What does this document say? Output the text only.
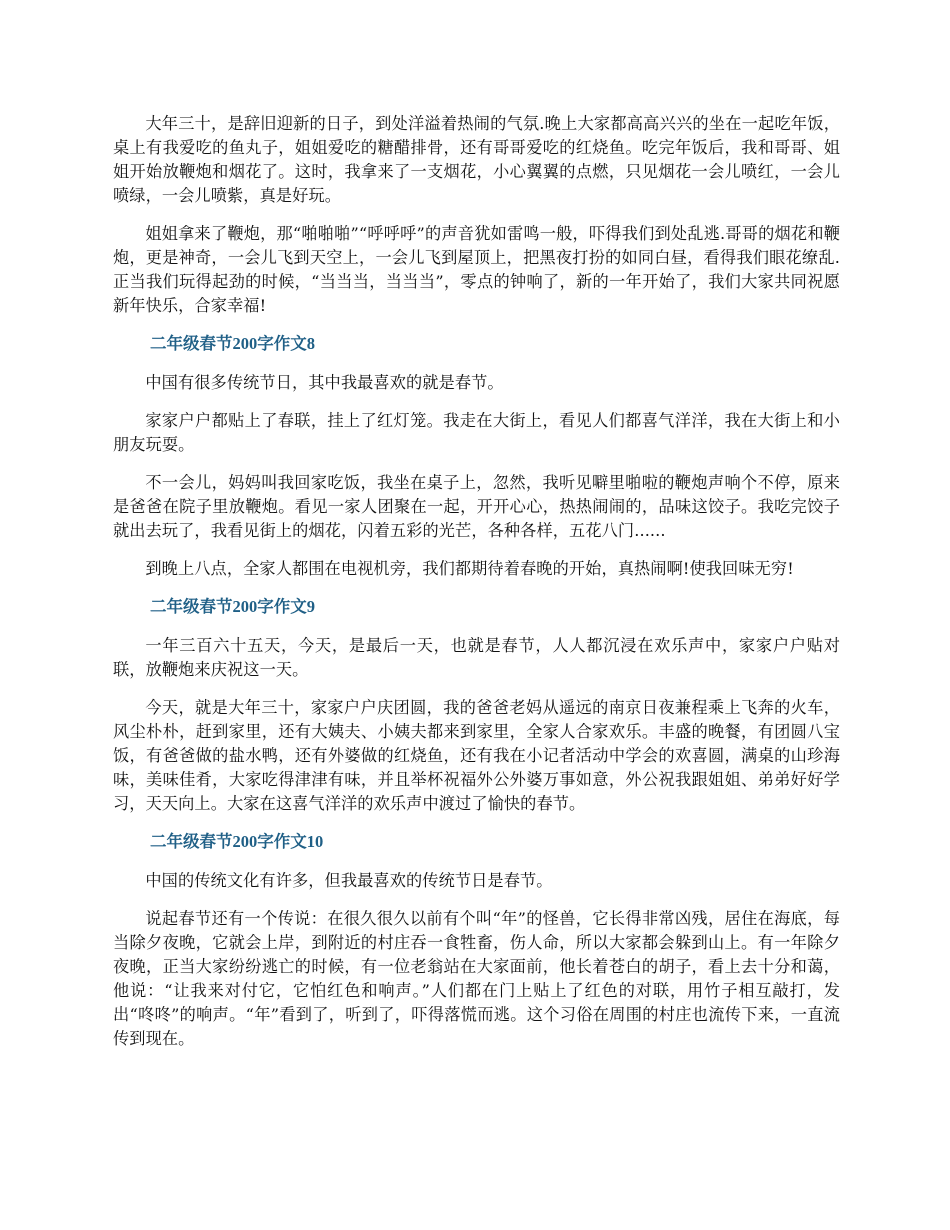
大年三十，是辞旧迎新的日子，到处洋溢着热闹的气氛.晚上大家都高高兴兴的坐在一起吃年饭，桌上有我爱吃的鱼丸子，姐姐爱吃的糖醋排骨，还有哥哥爱吃的红烧鱼。吃完年饭后，我和哥哥、姐姐开始放鞭炮和烟花了。这时，我拿来了一支烟花，小心翼翼的点燃，只见烟花一会儿喷红，一会儿喷绿，一会儿喷紫，真是好玩。

姐姐拿来了鞭炮，那“啪啪啪”“呼呼呼”的声音犹如雷鸣一般，吓得我们到处乱逃.哥哥的烟花和鞭炮，更是神奇，一会儿飞到天空上，一会儿飞到屋顶上，把黑夜打扮的如同白昼，看得我们眼花缭乱.正当我们玩得起劲的时候，“当当当，当当当”，零点的钟响了，新的一年开始了，我们大家共同祝愿新年快乐，合家幸福!

二年级春节200字作文8

中国有很多传统节日，其中我最喜欢的就是春节。

家家户户都贴上了春联，挂上了红灯笼。我走在大街上，看见人们都喜气洋洋，我在大街上和小朋友玩耍。

不一会儿，妈妈叫我回家吃饭，我坐在桌子上，忽然，我听见噼里啪啦的鞭炮声响个不停，原来是爸爸在院子里放鞭炮。看见一家人团聚在一起，开开心心，热热闹闹的，品味这饺子。我吃完饺子就出去玩了，我看见街上的烟花，闪着五彩的光芒，各种各样，五花八门......

到晚上八点，全家人都围在电视机旁，我们都期待着春晚的开始，真热闹啊!使我回味无穷!

二年级春节200字作文9

一年三百六十五天，今天，是最后一天，也就是春节，人人都沉浸在欢乐声中，家家户户贴对联，放鞭炮来庆祝这一天。

今天，就是大年三十，家家户户庆团圆，我的爸爸老妈从遥远的南京日夜兼程乘上飞奔的火车，风尘朴朴，赶到家里，还有大姨夫、小姨夫都来到家里，全家人合家欢乐。丰盛的晚餐，有团圆八宝饭，有爸爸做的盐水鸭，还有外婆做的红烧鱼，还有我在小记者活动中学会的欢喜圆，满桌的山珍海味，美味佳肴，大家吃得津津有味，并且举杯祝福外公外婆万事如意，外公祝我跟姐姐、弟弟好好学习，天天向上。大家在这喜气洋洋的欢乐声中渡过了愉快的春节。

二年级春节200字作文10

中国的传统文化有许多，但我最喜欢的传统节日是春节。

说起春节还有一个传说：在很久很久以前有个叫“年”的怪兽，它长得非常凶残，居住在海底，每当除夕夜晚，它就会上岸，到附近的村庄吞一食牲畜，伤人命，所以大家都会躲到山上。有一年除夕夜晚，正当大家纷纷逃亡的时候，有一位老翁站在大家面前，他长着苍白的胡子，看上去十分和蔼，他说：“让我来对付它，它怕红色和响声。”人们都在门上贴上了红色的对联，用竹子相互敲打，发出“咚咚”的响声。“年”看到了，听到了，吓得落慌而逃。这个习俗在周围的村庄也流传下来，一直流传到现在。
